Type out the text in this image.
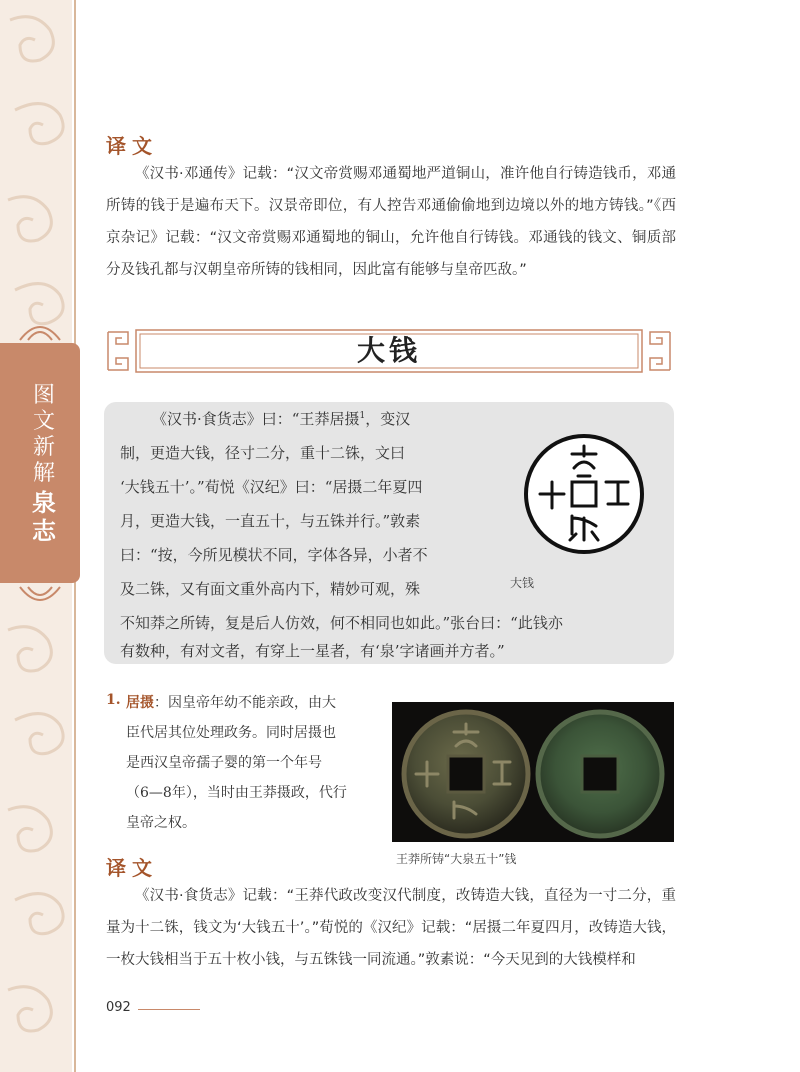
图文新解
泉志
译文

《汉书·邓通传》记载：“汉文帝赏赐邓通蜀地严道铜山，准许他自行铸造钱币，邓通所铸的钱于是遍布天下。汉景帝即位，有人控告邓通偷偷地到边境以外的地方铸钱。”《西京杂记》记载：“汉文帝赏赐邓通蜀地的铜山，允许他自行铸钱。邓通钱的钱文、铜质部分及钱孔都与汉朝皇帝所铸的钱相同，因此富有能够与皇帝匹敌。”

大钱
《汉书·食货志》曰：“王莽居摄$^1$，变汉
制，更造大钱，径寸二分，重十二铢，文曰
‘大钱五十’。”荀悦《汉纪》曰：“居摄二年夏四
月，更造大钱，一直五十，与五铢并行。”敦素
曰：“按，今所见模状不同，字体各异，小者不
及二铢，又有面文重外高内下，精妙可观，殊
不知莽之所铸，复是后人仿效，何不相同也如此。”张台曰：“此钱亦
有数种，有对文者，有穿上一星者，有‘泉’字诸画并方者。”
大钱
1. 居摄：因皇帝年幼不能亲政，由大
臣代居其位处理政务。同时居摄也
是西汉皇帝孺子婴的第一个年号
（6—8年），当时由王莽摄政，代行
皇帝之权。
王莽所铸“大泉五十”钱
译文

《汉书·食货志》记载：“王莽代政改变汉代制度，改铸造大钱，直径为一寸二分，重量为十二铢，钱文为‘大钱五十’。”荀悦的《汉纪》记载：“居摄二年夏四月，改铸造大钱，一枚大钱相当于五十枚小钱，与五铢钱一同流通。”敦素说：“今天见到的大钱模样和

092
